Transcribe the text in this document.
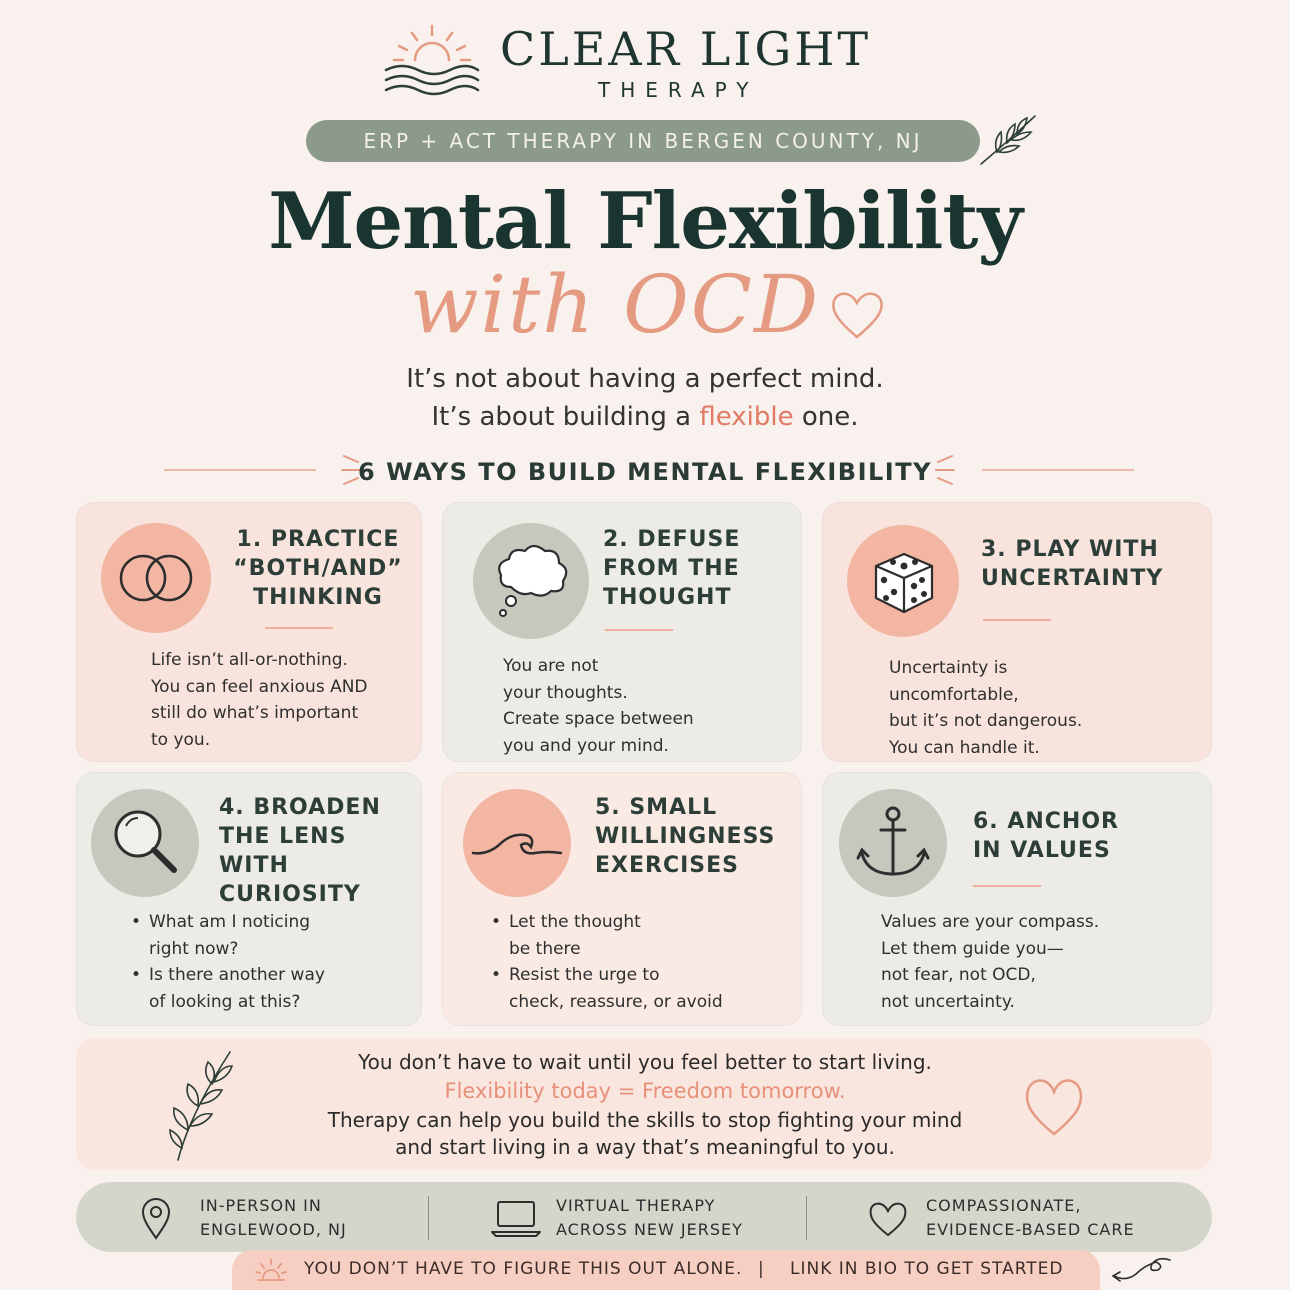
CLEAR LIGHT
THERAPY
ERP + ACT THERAPY IN BERGEN COUNTY, NJ
Mental Flexibility
with OCD
It’s not about having a perfect mind.
It’s about building a flexible one.
6 WAYS TO BUILD MENTAL FLEXIBILITY
1. PRACTICE
“BOTH/AND”
THINKING
Life isn’t all-or-nothing.
You can feel anxious AND
still do what’s important
to you.
2. DEFUSE
FROM THE
THOUGHT
You are not
your thoughts.
Create space between
you and your mind.
3. PLAY WITH
UNCERTAINTY
Uncertainty is
uncomfortable,
but it’s not dangerous.
You can handle it.
4. BROADEN
THE LENS
WITH CURIOSITY
• What am I noticing
right now?
• Is there another way
of looking at this?
5. SMALL
WILLINGNESS
EXERCISES
• Let the thought
be there
• Resist the urge to
check, reassure, or avoid
6. ANCHOR
IN VALUES
Values are your compass.
Let them guide you—
not fear, not OCD,
not uncertainty.
You don’t have to wait until you feel better to start living.
Flexibility today = Freedom tomorrow.
Therapy can help you build the skills to stop fighting your mind
and start living in a way that’s meaningful to you.
IN-PERSON IN
ENGLEWOOD, NJ
VIRTUAL THERAPY
ACROSS NEW JERSEY
COMPASSIONATE,
EVIDENCE-BASED CARE
YOU DON’T HAVE TO FIGURE THIS OUT ALONE. | LINK IN BIO TO GET STARTED
